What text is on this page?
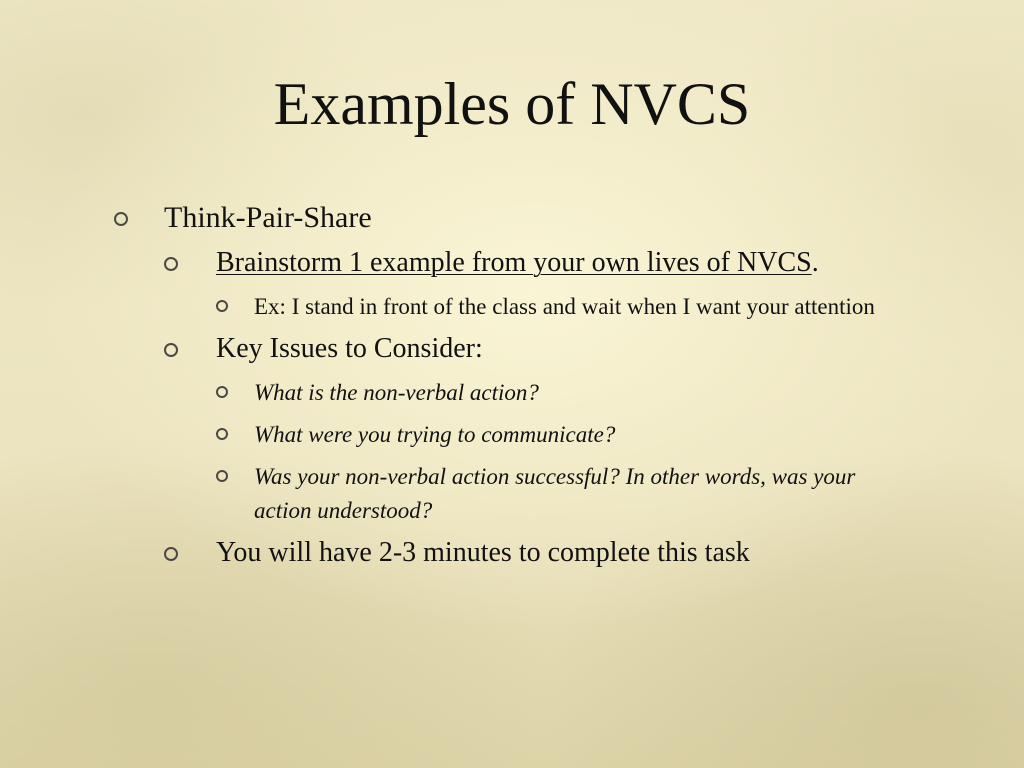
Examples of NVCS
Think-Pair-Share
Brainstorm 1 example from your own lives of NVCS.
Ex: I stand in front of the class and wait when I want your attention
Key Issues to Consider:
What is the non-verbal action?
What were you trying to communicate?
Was your non-verbal action successful? In other words, was your action understood?
You will have 2-3 minutes to complete this task
